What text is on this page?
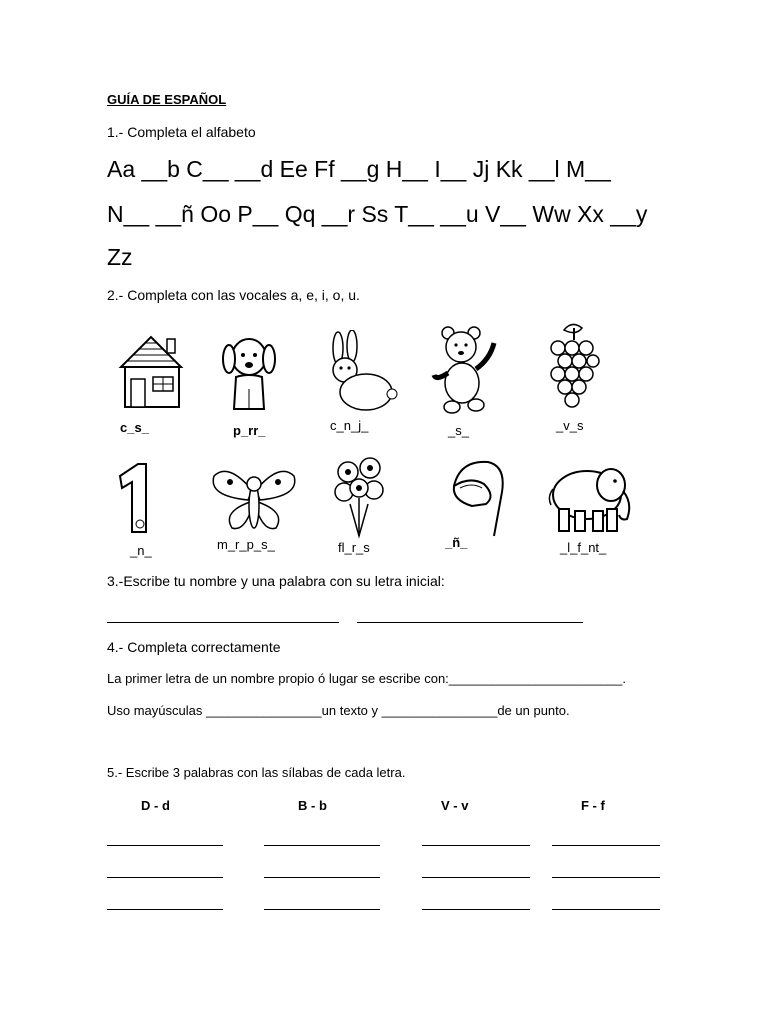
GUÍA DE ESPAÑOL
1.- Completa el alfabeto
Aa __b C__ __d Ee Ff __g H__ I__ Jj Kk __l M__
N__ __ñ Oo P__ Qq __r Ss T__ __u V__ Ww Xx __y
Zz
2.- Completa con las vocales a, e, i, o, u.
c_s_	p_rr_	c_n_j_	_s_	_v_s
_n_	m_r_p_s_	fl_r_s	_ñ_	_l_f_nt_
3.-Escribe tu nombre y una palabra con su letra inicial:
4.- Completa correctamente
La primer letra de un nombre propio ó lugar se escribe con:________________________.
Uso mayúsculas ________________un texto y ________________de un punto.
5.- Escribe 3 palabras con las sílabas de cada letra.
D - d	B - b	V - v	F - f
